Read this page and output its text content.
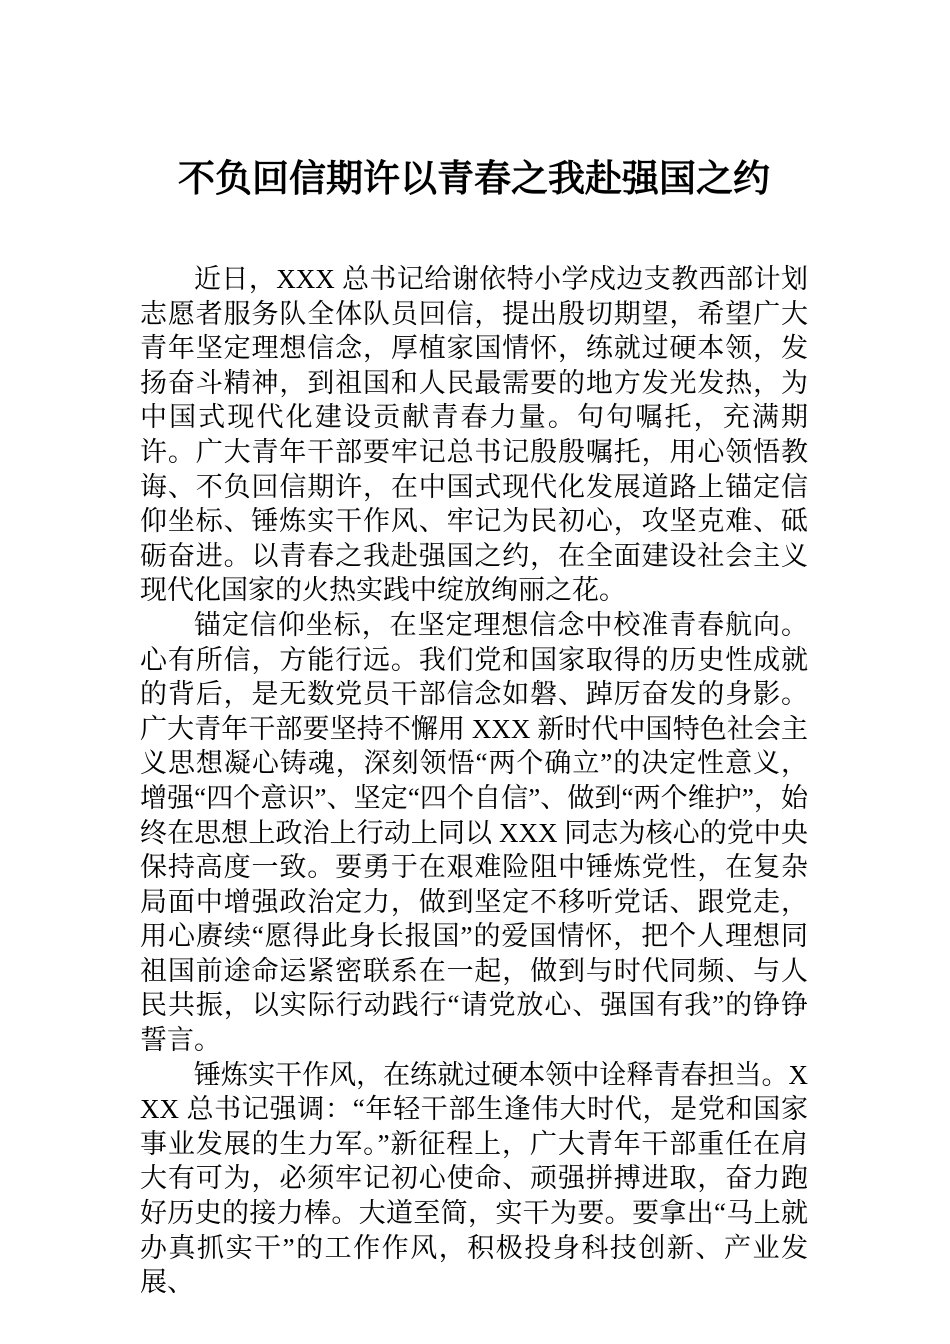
不负回信期许以青春之我赴强国之约

近日，XXX 总书记给谢依特小学戍边支教西部计划志愿者服务队全体队员回信，提出殷切期望，希望广大青年坚定理想信念，厚植家国情怀，练就过硬本领，发扬奋斗精神，到祖国和人民最需要的地方发光发热，为中国式现代化建设贡献青春力量。句句嘱托，充满期许。广大青年干部要牢记总书记殷殷嘱托，用心领悟教诲、不负回信期许，在中国式现代化发展道路上锚定信仰坐标、锤炼实干作风、牢记为民初心，攻坚克难、砥砺奋进。以青春之我赴强国之约，在全面建设社会主义现代化国家的火热实践中绽放绚丽之花。

锚定信仰坐标，在坚定理想信念中校准青春航向。心有所信，方能行远。我们党和国家取得的历史性成就的背后，是无数党员干部信念如磐、踔厉奋发的身影。广大青年干部要坚持不懈用 XXX 新时代中国特色社会主义思想凝心铸魂，深刻领悟“两个确立”的决定性意义，增强“四个意识”、坚定“四个自信”、做到“两个维护”，始终在思想上政治上行动上同以 XXX 同志为核心的党中央保持高度一致。要勇于在艰难险阻中锤炼党性，在复杂局面中增强政治定力，做到坚定不移听党话、跟党走，用心赓续“愿得此身长报国”的爱国情怀，把个人理想同祖国前途命运紧密联系在一起，做到与时代同频、与人民共振，以实际行动践行“请党放心、强国有我”的铮铮誓言。

锤炼实干作风，在练就过硬本领中诠释青春担当。XXX 总书记强调：“年轻干部生逢伟大时代，是党和国家事业发展的生力军。”新征程上，广大青年干部重任在肩大有可为，必须牢记初心使命、顽强拼搏进取，奋力跑好历史的接力棒。大道至简，实干为要。要拿出“马上就办真抓实干”的工作作风，积极投身科技创新、产业发展、
